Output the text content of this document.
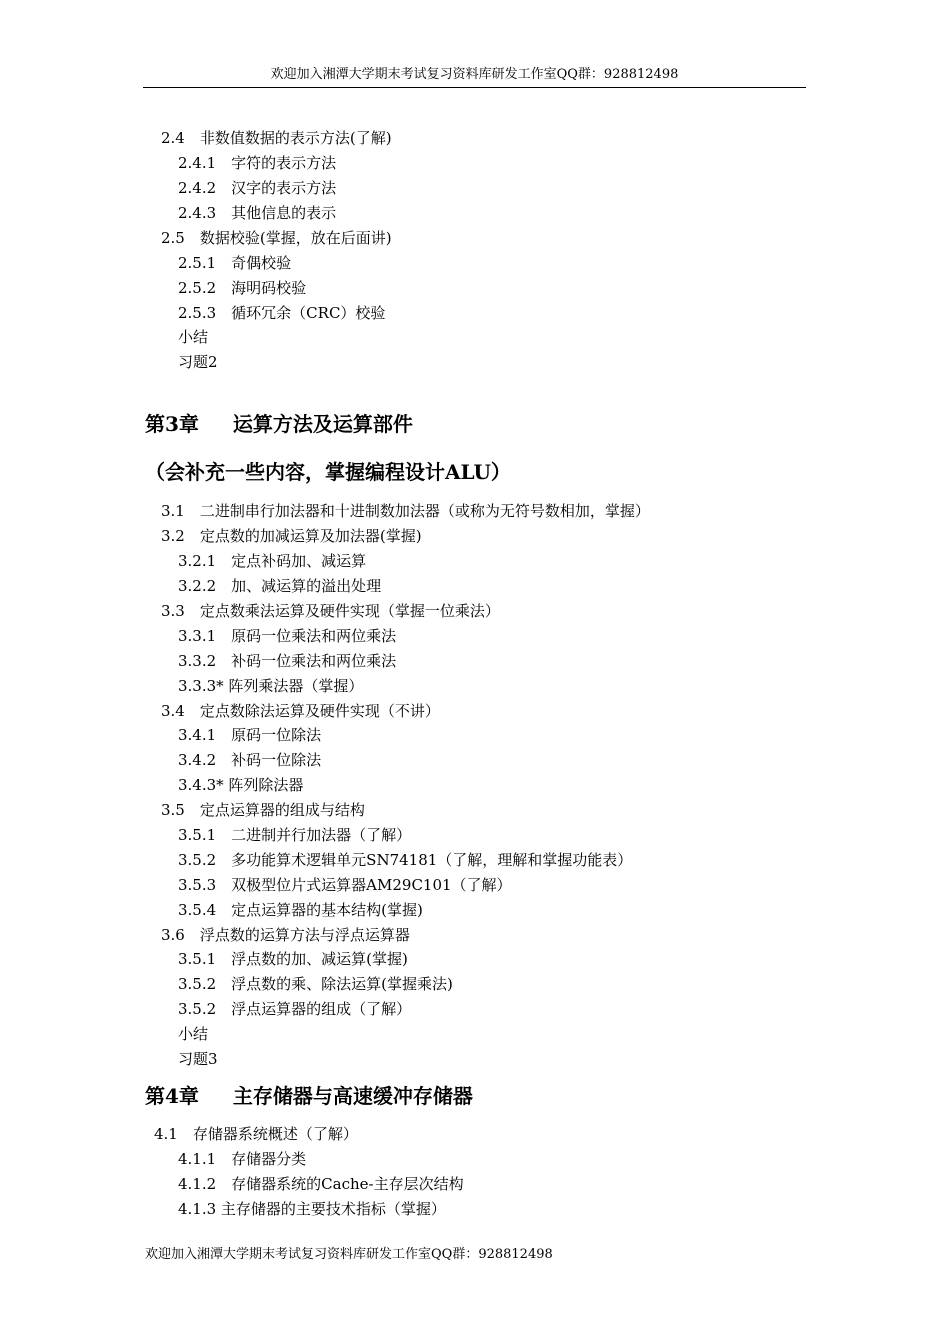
欢迎加入湘潭大学期末考试复习资料库研发工作室QQ群：928812498
2.4　非数值数据的表示方法(了解)
2.4.1　字符的表示方法
2.4.2　汉字的表示方法
2.4.3　其他信息的表示
2.5　数据校验(掌握，放在后面讲)
2.5.1　奇偶校验
2.5.2　海明码校验
2.5.3　循环冗余（CRC）校验
小结
习题2
第3章 运算方法及运算部件
（会补充一些内容，掌握编程设计ALU）
3.1　二进制串行加法器和十进制数加法器（或称为无符号数相加，掌握）
3.2　定点数的加减运算及加法器(掌握)
3.2.1　定点补码加、减运算
3.2.2　加、减运算的溢出处理
3.3　定点数乘法运算及硬件实现（掌握一位乘法）
3.3.1　原码一位乘法和两位乘法
3.3.2　补码一位乘法和两位乘法
3.3.3* 阵列乘法器（掌握）
3.4　定点数除法运算及硬件实现（不讲）
3.4.1　原码一位除法
3.4.2　补码一位除法
3.4.3* 阵列除法器
3.5　定点运算器的组成与结构
3.5.1　二进制并行加法器（了解）
3.5.2　多功能算术逻辑单元SN74181（了解，理解和掌握功能表）
3.5.3　双极型位片式运算器AM29C101（了解）
3.5.4　定点运算器的基本结构(掌握)
3.6　浮点数的运算方法与浮点运算器
3.5.1　浮点数的加、减运算(掌握)
3.5.2　浮点数的乘、除法运算(掌握乘法)
3.5.2　浮点运算器的组成（了解）
小结
习题3
第4章 主存储器与高速缓冲存储器
4.1　存储器系统概述（了解）
4.1.1　存储器分类
4.1.2　存储器系统的Cache-主存层次结构
4.1.3 主存储器的主要技术指标（掌握）
欢迎加入湘潭大学期末考试复习资料库研发工作室QQ群：928812498
